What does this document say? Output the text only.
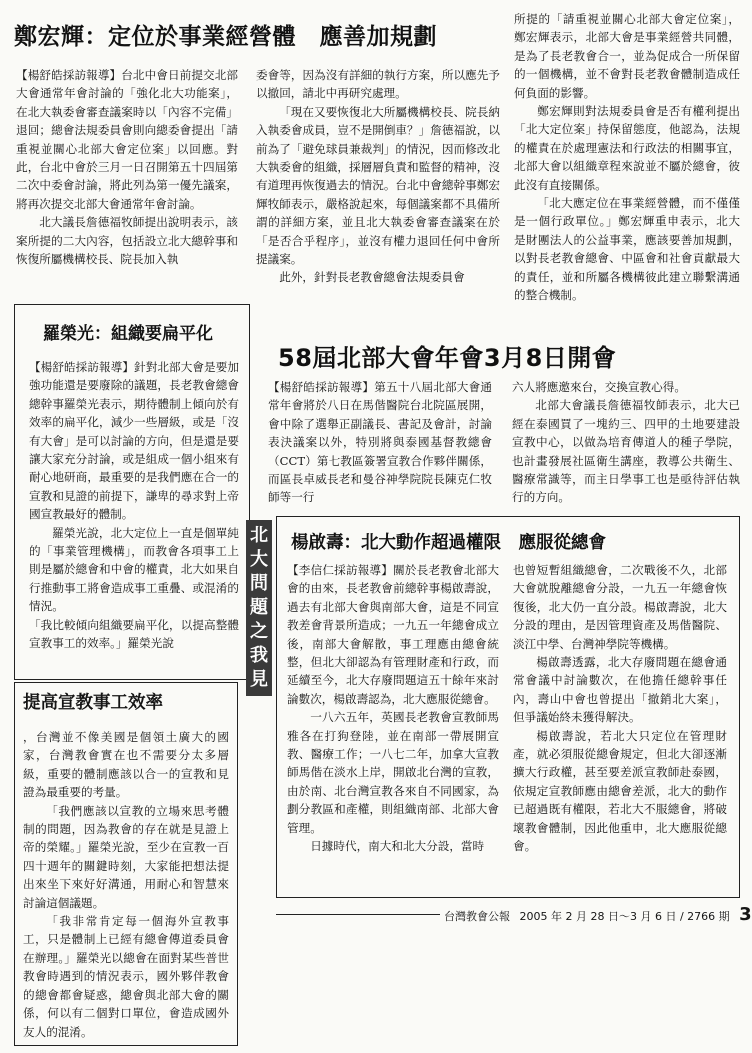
鄭宏輝：定位於事業經營體　應善加規劃

【楊舒皓採訪報導】台北中會日前提交北部大會通常年會討論的「強化北大功能案」，在北大執委會審查議案時以「內容不完備」退回；總會法規委員會則向總委會提出「請重視並關心北部大會定位案」以回應。對此，台北中會於三月一日召開第五十四屆第二次中委會討論，將此列為第一優先議案，將再次提交北部大會通常年會討論。

北大議長詹德福牧師提出說明表示，該案所提的二大內容，包括設立北大總幹事和恢復所屬機構校長、院長加入執

委會等，因為沒有詳細的執行方案，所以應先予以撤回，請北中再研究處理。

「現在又要恢復北大所屬機構校長、院長納入執委會成員，豈不是開倒車？」詹德福說，以前為了「避免球員兼裁判」的情況，因而修改北大執委會的組織，採層層負責和監督的精神，沒有道理再恢復過去的情況。台北中會總幹事鄭宏輝牧師表示，嚴格說起來，每個議案都不具備所謂的詳細方案，並且北大執委會審查議案在於「是否合乎程序」，並沒有權力退回任何中會所提議案。

此外，針對長老教會總會法規委員會

所提的「請重視並關心北部大會定位案」，鄭宏輝表示，北部大會是事業經營共同體，是為了長老教會合一，並為促成合一所保留的一個機構，並不會對長老教會體制造成任何負面的影響。

鄭宏輝則對法規委員會是否有權利提出「北大定位案」持保留態度，他認為，法規的權責在於處理憲法和行政法的相關事宜，北部大會以組織章程來說並不屬於總會，彼此沒有直接關係。

「北大應定位在事業經營體，而不僅僅是一個行政單位。」鄭宏輝重申表示，北大是財團法人的公益事業，應該要善加規劃，以對長老教會總會、中區會和社會貢獻最大的責任，並和所屬各機構彼此建立聯繫溝通的整合機制。

羅榮光：組織要扁平化

【楊舒皓採訪報導】針對北部大會是要加強功能還是要廢除的議題，長老教會總會總幹事羅榮光表示，期待體制上傾向於有效率的扁平化，減少一些層級，或是「沒有大會」是可以討論的方向，但是還是要讓大家充分討論，或是組成一個小組來有耐心地研商，最重要的是我們應在合一的宣教和見證的前提下，謙卑的尋求對上帝國宣教最好的體制。

羅榮光說，北大定位上一直是個單純的「事業管理機構」，而教會各項事工上則是屬於總會和中會的權責，北大如果自行推動事工將會造成事工重疊、或混淆的情況。

「我比較傾向組織要扁平化，以提高整體宣教事工的效率。」羅榮光說

提高宣教事工效率

，台灣並不像美國是個領土廣大的國家，台灣教會實在也不需要分太多層級，重要的體制應該以合一的宣教和見證為最重要的考量。

「我們應該以宣教的立場來思考體制的問題，因為教會的存在就是見證上帝的榮耀。」羅榮光說，至少在宣教一百四十週年的關鍵時刻，大家能把想法提出來坐下來好好溝通，用耐心和智慧來討論這個議題。

「我非常肯定每一個海外宣教事工，只是體制上已經有總會傳道委員會在辦理。」羅榮光以總會在面對某些普世教會時遇到的情況表示，國外夥伴教會的總會都會疑惑，總會與北部大會的關係，何以有二個對口單位，會造成國外友人的混淆。

58屆北部大會年會3月8日開會

【楊舒皓採訪報導】第五十八屆北部大會通常年會將於八日在馬偕醫院台北院區展開，會中除了選舉正副議長、書記及會計，討論表決議案以外，特別將與泰國基督教總會（CCT）第七教區簽署宣教合作夥伴關係，而區長卓威長老和曼谷神學院院長陳克仁牧師等一行

六人將應邀來台，交換宣教心得。

北部大會議長詹德福牧師表示，北大已經在泰國買了一塊約三、四甲的土地要建設宣教中心，以做為培育傳道人的種子學院，也計畫發展社區衛生講座，教導公共衛生、醫療常識等，而主日學事工也是亟待評估執行的方向。

北大問題之我見
楊啟壽：北大動作超過權限　應服從總會

【李信仁採訪報導】關於長老教會北部大會的由來，長老教會前總幹事楊啟壽說，過去有北部大會與南部大會，這是不同宣教差會背景所造成；一九五一年總會成立後，南部大會解散，事工理應由總會統整，但北大卻認為有管理財產和行政，而延續至今，北大存廢問題這五十餘年來討論數次，楊啟壽認為，北大應服從總會。

一八六五年，英國長老教會宣教師馬雅各在打狗登陸，並在南部一帶展開宣教、醫療工作；一八七二年，加拿大宣教師馬偕在淡水上岸，開啟北台灣的宣教，由於南、北台灣宣教各來自不同國家，為劃分教區和產權，則組織南部、北部大會管理。

日據時代，南大和北大分設，當時

也曾短暫組織總會，二次戰後不久，北部大會就脫離總會分設，一九五一年總會恢復後，北大仍一直分設。楊啟壽說，北大分設的理由，是因管理資產及馬偕醫院、淡江中學、台灣神學院等機構。

楊啟壽透露，北大存廢問題在總會通常會議中討論數次，在他擔任總幹事任內，壽山中會也曾提出「撤銷北大案」，但爭議始終未獲得解決。

楊啟壽說，若北大只定位在管理財產，就必須服從總會規定，但北大卻逐漸擴大行政權，甚至要差派宣教師赴泰國，依規定宣教師應由總會差派，北大的動作已超過既有權限，若北大不服總會，將破壞教會體制，因此他重申，北大應服從總會。

台灣教會公報 2005 年 2 月 28 日～3 月 6 日 / 2766 期 3
